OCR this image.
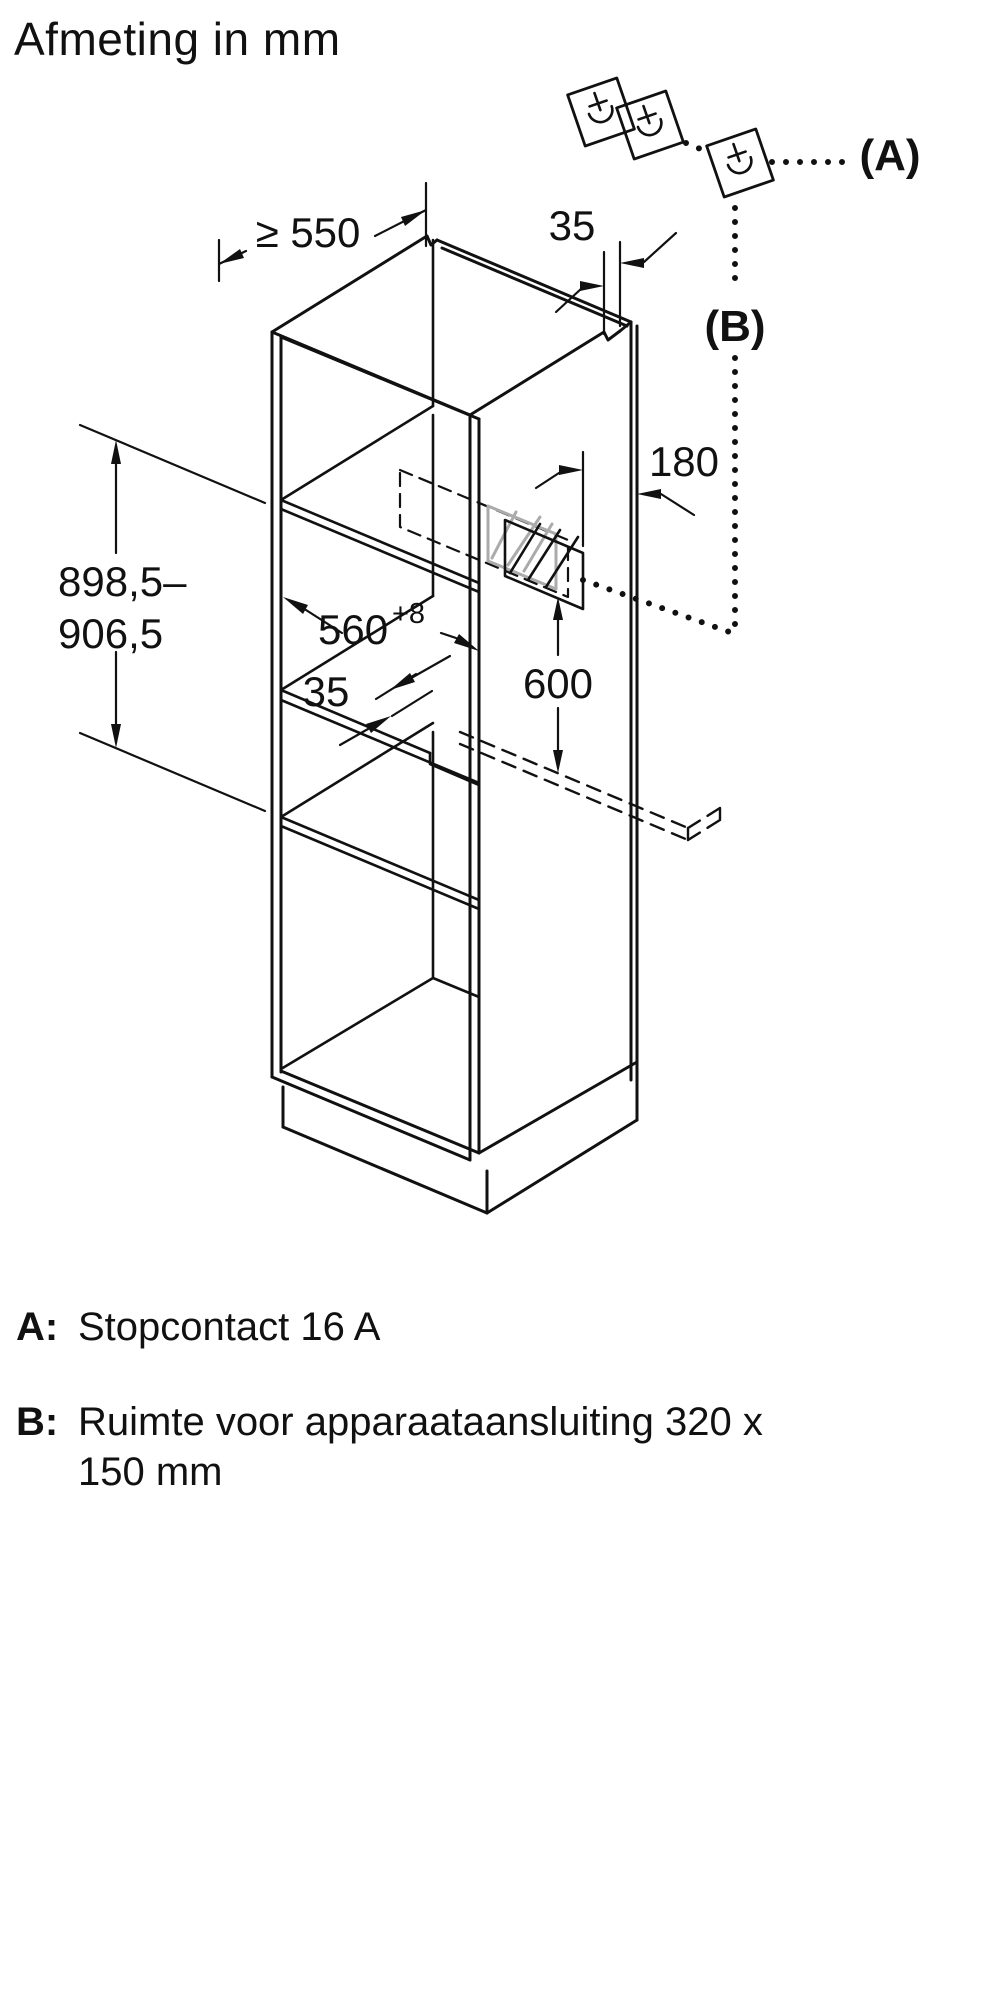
Afmeting in mm
≥ 550	35
180
898,5–
906,5	560 +8
35	600
(A)
(B)
A: Stopcontact 16 A
B: Ruimte voor apparaataansluiting 320 x 150 mm
